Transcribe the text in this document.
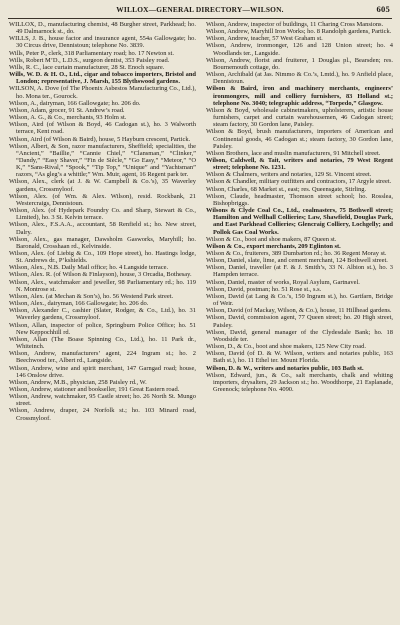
WILLOX—GENERAL DIRECTORY—WILSON.	605

WILLOX, D., manufacturing chemist, 48 Burgher street, Parkhead; ho. 49 Dalmarnock st., do.

WILLS, J. B., house factor and insurance agent, 554a Gallowgate; ho. 30 Circus drive, Dennistoun; telephone No. 3839.

Wills, Peter P., clerk, 318 Parliamentary road; ho. 17 Newton st.

Wills, Robert M’D., L.D.S., surgeon dentist, 353 Paisley road.

Wills, R. C., lace curtain manufacturer, 28 St. Enoch square.

Wills, W. D. & H. O., Ltd., cigar and tobacco importers, Bristol and London; representative, J. Marsh, 155 Blythswood gardens.

WILSON, A. Dove (of The Phoenix Asbestos Manufacturing Co., Ltd.), ho. Mona ter., Gourock.

Wilson, A., dairyman, 166 Gallowgate; ho. 206 do.

Wilson, Adam, grocer, 91 St. Andrew’s road.

Wilson, A. G., & Co., merchants, 93 Holm st.

Wilson, Aird (of Wilson & Boyd, 46 Cadogan st.), ho. 3 Walworth terrace, Kent road.

Wilson, Aird (of Wilson & Baird), house, 5 Hayburn crescent, Partick.

Wilson, Albert, & Son, razor manufacturers, Sheffield; specialities, the “Ancient,” “Baillie,” “Cannie Chiel,” “Clansman,” “Clinker,” “Dandy,” “Easy Shaver,” “Fin de Siècle,” “Go Easy,” “Meteor,” “O K,” “Sans-Rival,” “Spook,” “Tip Top,” “Unique” and “Yachtsman” razors, “As gleg’s a whittle;” Wm. Muir, agent, 16 Regent park ter.

Wilson, Alex., clerk (at J. & W. Campbell & Co.’s), 35 Waverley gardens, Crossmyloof.

Wilson, Alex. (of Wm. & Alex. Wilson), resid. Rockbank, 21 Westercraigs, Dennistoun.

Wilson, Alex. (of Hydepark Foundry Co. and Sharp, Stewart & Co., Limited), ho. 3 St. Kelvin terrace.

Wilson, Alex., F.S.A.A., accountant, 58 Renfield st.; ho. New street, Dalry.

Wilson, Alex., gas manager, Dawsholm Gasworks, Maryhill; ho. Baronald, Crosshaan rd., Kelvinside.

Wilson, Alex. (of Liebig & Co., 109 Hope street), ho. Hastings lodge, St. Andrews dr., P’kshields.

Wilson, Alex., N.B. Daily Mail office; ho. 4 Langside terrace.

Wilson, Alex. R. (of Wilson & Finlayson), house, 3 Orcadia, Bothesay.

Wilson, Alex., watchmaker and jeweller, 98 Parliamentary rd.; ho. 119 N. Montrose st.

Wilson, Alex. (at Mechan & Son’s), ho. 56 Westend Park street.

Wilson, Alex., dairyman, 166 Gallowgate; ho. 206 do.

Wilson, Alexander C., cashier (Slater, Rodger, & Co., Ltd.), ho. 31 Waverley gardens, Crossmyloof.

Wilson, Allan, inspector of police, Springburn Police Office; ho. 51 New Keppochhill rd.

Wilson, Allan (The Boase Spinning Co., Ltd.), ho. 11 Park dr., Whiteinch.

Wilson, Andrew, manufacturers’ agent, 224 Ingram st.; ho. 2 Beechwood ter., Albert rd., Langside.

Wilson, Andrew, wine and spirit merchant, 147 Garngad road; house, 146 Onslow drive.

Wilson, Andrew, M.B., physician, 258 Paisley rd., W.

Wilson, Andrew, stationer and bookseller, 191 Great Eastern road.

Wilson, Andrew, watchmaker, 95 Castle street; ho. 26 North St. Mungo street.

Wilson, Andrew, draper, 24 Norfolk st.; ho. 103 Minard road, Crossmyloof.

Wilson, Andrew, inspector of buildings, 11 Charing Cross Mansions.

Wilson, Andrew, Maryhill Iron Works; ho. 8 Randolph gardens, Partick.

Wilson, Andrew, teacher, 57 West Graham st.

Wilson, Andrew, ironmonger, 126 and 128 Union street; ho. 4 Woodlands ter., Langside.

Wilson, Andrew, florist and fruiterer, 1 Douglas pl., Bearsden; res. Bournemouth cottage, do.

Wilson, Archibald (at Jas. Nimmo & Co.’s, Lmtd.), ho. 9 Anfield place, Dennistoun.

Wilson & Baird, iron and machinery merchants, engineers’ ironmongers, mill and colliery furnishers, 83 Holland st.; telephone No. 3040; telegraphic address, “Torpedo,” Glasgow.

Wilson & Boyd, wholesale cabinetmakers, upholsterers, artistic house furnishers, carpet and curtain warehousemen, 46 Cadogan street; steam factory, 30 Gordon lane, Paisley.

Wilson & Boyd, brush manufacturers, importers of American and Continental goods, 46 Cadogan st.; steam factory, 30 Gordon lane, Paisley.

Wilson Brothers, lace and muslin manufacturers, 91 Mitchell street.

Wilson, Caldwell, & Tait, writers and notaries, 79 West Regent street; telephone No. 1231.

Wilson & Chalmers, writers and notaries, 129 St. Vincent street.

Wilson & Chandler, military outfitters and contractors, 17 Argyle street.

Wilson, Charles, 68 Market st., east; res. Queensgate, Stirling.

Wilson, Claude, headmaster, Thomson street school; ho. Rosslea, Bishopbriggs.

Wilsons & Clyde Coal Co., Ltd., coalmasters, 75 Bothwell street; Hamilton and Wellhall Collieries; Law, Shawfield, Douglas Park, and East Parkhead Collieries; Glencraig Colliery, Lochgelly; and Pollok Gas Coal Works.

Wilson & Co., boot and shoe makers, 87 Queen st.

Wilson & Co., export merchants, 209 Eglinton st.

Wilson & Co., fruiterers, 389 Dumbarton rd.; ho. 36 Regent Moray st.

Wilson, Daniel, slate, lime, and cement merchant, 124 Bothwell street.

Wilson, Daniel, traveller (at F. & J. Smith’s, 33 N. Albion st.), ho. 3 Hampden terrace.

Wilson, Daniel, master of works, Royal Asylum, Gartnavel.

Wilson, David, postman; ho. 51 Rose st., s.s.

Wilson, David (at Lang & Co.’s, 150 Ingram st.), ho. Gartfarn, Bridge of Weir.

Wilson, David (of Mackay, Wilson, & Co.), house, 11 Hillhead gardens.

Wilson, David, commission agent, 77 Queen street; ho. 20 High street, Paisley.

Wilson, David, general manager of the Clydesdale Bank; ho. 18 Woodside ter.

Wilson, D., & Co., boot and shoe makers, 125 New City road.

Wilson, David (of D. & W. Wilson, writers and notaries public, 163 Bath st.), ho. 11 Ethel ter. Mount Florida.

Wilson, D. & W., writers and notaries public, 103 Bath st.

Wilson, Edward, jun., & Co., salt merchants, chalk and whiting importers, drysalters, 29 Jackson st.; ho. Woodthorpe, 21 Esplanade, Greenock; telephone No. 4090.
